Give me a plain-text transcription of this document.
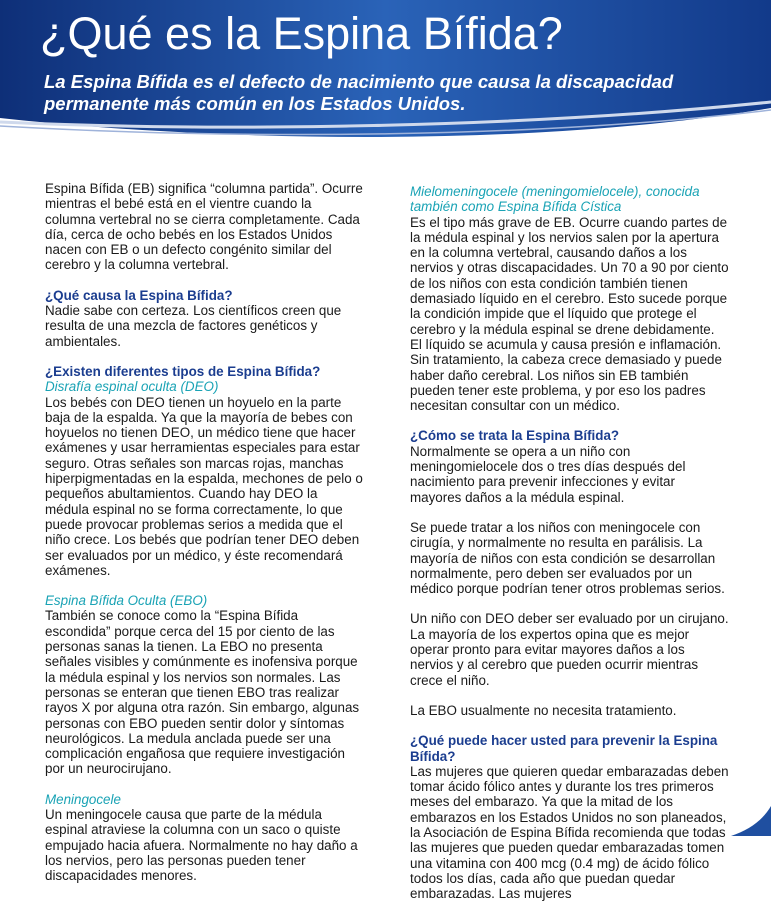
¿Qué es la Espina Bífida?

La Espina Bífida es el defecto de nacimiento que causa la discapacidad permanente más común en los Estados Unidos.

Espina Bífida (EB) significa “columna partida”. Ocurre mientras el bebé está en el vientre cuando la columna vertebral no se cierra completamente. Cada día, cerca de ocho bebés en los Estados Unidos nacen con EB o un defecto congénito similar del cerebro y la columna vertebral.

¿Qué causa la Espina Bífida?

Nadie sabe con certeza. Los científicos creen que resulta de una mezcla de factores genéticos y ambientales.

¿Existen diferentes tipos de Espina Bífida?

Disrafía espinal oculta (DEO)

Los bebés con DEO tienen un hoyuelo en la parte baja de la espalda. Ya que la mayoría de bebes con hoyuelos no tienen DEO, un médico tiene que hacer exámenes y usar herramientas especiales para estar seguro. Otras señales son marcas rojas, manchas hiperpigmentadas en la espalda, mechones de pelo o pequeños abultamientos. Cuando hay DEO la médula espinal no se forma correctamente, lo que puede provocar problemas serios a medida que el niño crece. Los bebés que podrían tener DEO deben ser evaluados por un médico, y éste recomendará exámenes.

Espina Bífida Oculta (EBO)

También se conoce como la “Espina Bífida escondida” porque cerca del 15 por ciento de las personas sanas la tienen. La EBO no presenta señales visibles y comúnmente es inofensiva porque la médula espinal y los nervios son normales. Las personas se enteran que tienen EBO tras realizar rayos X por alguna otra razón. Sin embargo, algunas personas con EBO pueden sentir dolor y síntomas neurológicos. La medula anclada puede ser una complicación engañosa que requiere investigación por un neurocirujano.

Meningocele

Un meningocele causa que parte de la médula espinal atraviese la columna con un saco o quiste empujado hacia afuera. Normalmente no hay daño a los nervios, pero las personas pueden tener discapacidades menores.

Mielomeningocele (meningomielocele), conocida también como Espina Bífida Cística

Es el tipo más grave de EB. Ocurre cuando partes de la médula espinal y los nervios salen por la apertura en la columna vertebral, causando daños a los nervios y otras discapacidades. Un 70 a 90 por ciento de los niños con esta condición también tienen demasiado líquido en el cerebro. Esto sucede porque la condición impide que el líquido que protege el cerebro y la médula espinal se drene debidamente. El líquido se acumula y causa presión e inflamación. Sin tratamiento, la cabeza crece demasiado y puede haber daño cerebral. Los niños sin EB también pueden tener este problema, y por eso los padres necesitan consultar con un médico.

¿Cómo se trata la Espina Bífida?

Normalmente se opera a un niño con meningomielocele dos o tres días después del nacimiento para prevenir infecciones y evitar mayores daños a la médula espinal.

Se puede tratar a los niños con meningocele con cirugía, y normalmente no resulta en parálisis. La mayoría de niños con esta condición se desarrollan normalmente, pero deben ser evaluados por un médico porque podrían tener otros problemas serios.

Un niño con DEO deber ser evaluado por un cirujano. La mayoría de los expertos opina que es mejor operar pronto para evitar mayores daños a los nervios y al cerebro que pueden ocurrir mientras crece el niño.

La EBO usualmente no necesita tratamiento.

¿Qué puede hacer usted para prevenir la Espina Bífida?

Las mujeres que quieren quedar embarazadas deben tomar ácido fólico antes y durante los tres primeros meses del embarazo. Ya que la mitad de los embarazos en los Estados Unidos no son planeados, la Asociación de Espina Bífida recomienda que todas las mujeres que pueden quedar embarazadas tomen una vitamina con 400 mcg (0.4 mg) de ácido fólico todos los días, cada año que puedan quedar embarazadas. Las mujeres
